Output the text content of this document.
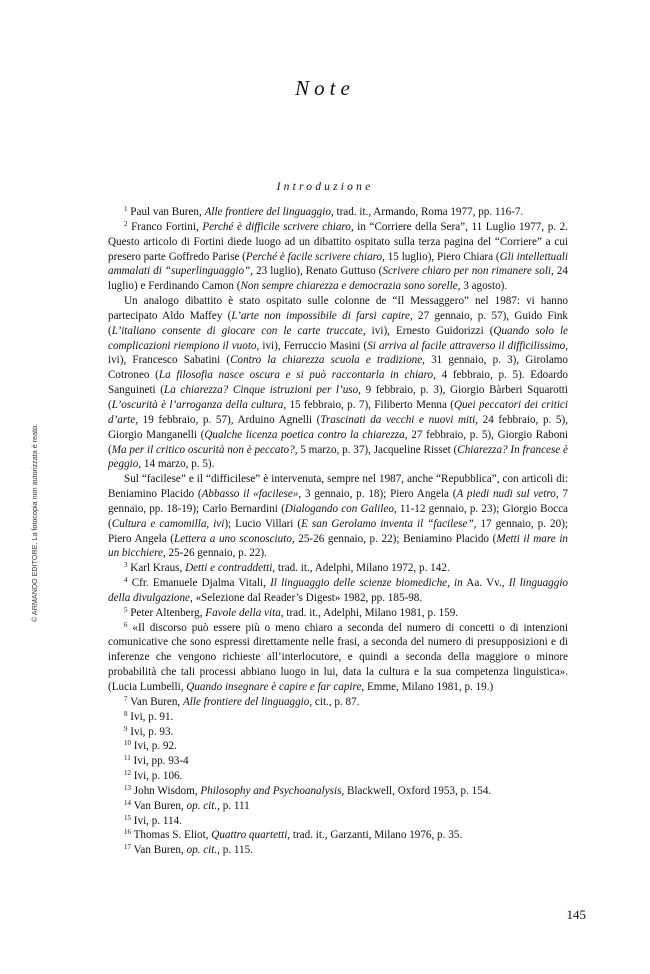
Note
Introduzione

$^1$ Paul van Buren, Alle frontiere del linguaggio, trad. it., Armando, Roma 1977, pp. 116-7.

$^2$ Franco Fortini, Perché è difficile scrivere chiaro, in “Corriere della Sera”, 11 Luglio 1977, p. 2. Questo articolo di Fortini diede luogo ad un dibattito ospitato sulla terza pagina del “Corriere” a cui presero parte Goffredo Parise (Perché è facile scrivere chiaro, 15 luglio), Piero Chiara (Gli intellettuali ammalati di “superlinguaggio”, 23 luglio), Renato Guttuso (Scrivere chiaro per non rimanere soli, 24 luglio) e Ferdinando Camon (Non sempre chiarezza e democrazia sono sorelle, 3 agosto).

Un analogo dibattito è stato ospitato sulle colonne de “Il Messaggero” nel 1987: vi hanno partecipato Aldo Maffey (L’arte non impossibile di farsi capire, 27 gennaio, p. 57), Guido Fink (L’italiano consente di giocare con le carte truccate, ivi), Ernesto Guidorizzi (Quando solo le complicazioni riempiono il vuoto, ivi), Ferruccio Masini (Si arriva al facile attraverso il difficilissimo, ivi), Francesco Sabatini (Contro la chiarezza scuola e tradizione, 31 gennaio, p. 3), Girolamo Cotroneo (La filosofia nasce oscura e si può raccontarla in chiaro, 4 febbraio, p. 5). Edoardo Sanguineti (La chiarezza? Cinque istruzioni per l’uso, 9 febbraio, p. 3), Giorgio Bàrberi Squarotti (L’oscurità è l’arroganza della cultura, 15 febbraio, p. 7), Filiberto Menna (Quei peccatori dei critici d’arte, 19 febbraio, p. 57), Arduino Agnelli (Trascinati da vecchi e nuovi miti, 24 febbraio, p. 5), Giorgio Manganelli (Qualche licenza poetica contro la chiarezza, 27 febbraio, p. 5), Giorgio Raboni (Ma per il critico oscurità non è peccato?, 5 marzo, p. 37), Jacqueline Risset (Chiarezza? In francese è peggio, 14 marzo, p. 5).

Sul “facilese” e il “difficilese” è intervenuta, sempre nel 1987, anche “Repubblica”, con articoli di: Beniamino Placido (Abbasso il «facilese», 3 gennaio, p. 18); Piero Angela (A piedi nudi sul vetro, 7 gennaio, pp. 18-19); Carlo Bernardini (Dialogando con Galileo, 11-12 gennaio, p. 23); Giorgio Bocca (Cultura e camomilla, ivi); Lucio Villari (E san Gerolamo inventa il “facilese”, 17 gennaio, p. 20); Piero Angela (Lettera a uno sconosciuto, 25-26 gennaio, p. 22); Beniamino Placido (Metti il mare in un bicchiere, 25-26 gennaio, p. 22).

$^3$ Karl Kraus, Detti e contraddetti, trad. it., Adelphi, Milano 1972, p. 142.

$^4$ Cfr. Emanuele Djalma Vitali, Il linguaggio delle scienze biomediche, in Aa. Vv., Il linguaggio della divulgazione, «Selezione dal Reader’s Digest» 1982, pp. 185-98.

$^5$ Peter Altenberg, Favole della vita, trad. it., Adelphi, Milano 1981, p. 159.

$^6$ «Il discorso può essere più o meno chiaro a seconda del numero di concetti o di intenzioni comunicative che sono espressi direttamente nelle frasi, a seconda del numero di presupposizioni e di inferenze che vengono richieste all’interlocutore, e quindi a seconda della maggiore o minore probabilità che tali processi abbiano luogo in lui, data la cultura e la sua competenza linguistica». (Lucia Lumbelli, Quando insegnare è capire e far capire, Emme, Milano 1981, p. 19.)

$^7$ Van Buren, Alle frontiere del linguaggio, cit., p. 87.

$^8$ Ivi, p. 91.

$^9$ Ivi, p. 93.

$^{10}$ Ivi, p. 92.

$^{11}$ Ivi, pp. 93-4

$^{12}$ Ivi, p. 106.

$^{13}$ John Wisdom, Philosophy and Psychoanalysis, Blackwell, Oxford 1953, p. 154.

$^{14}$ Van Buren, op. cit., p. 111

$^{15}$ Ivi, p. 114.

$^{16}$ Thomas S. Eliot, Quattro quartetti, trad. it., Garzanti, Milano 1976, p. 35.

$^{17}$ Van Buren, op. cit., p. 115.

© ARMANDO EDITORE. La fotocopia non autorizzata è reato.
145
